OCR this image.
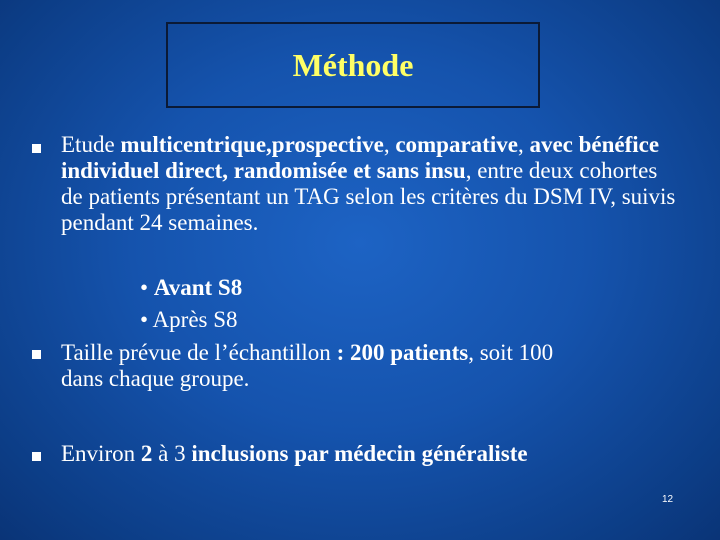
Méthode
Etude multicentrique,prospective, comparative, avec bénéfice individuel direct, randomisée et sans insu, entre deux cohortes de patients présentant un TAG selon les critères du DSM IV, suivis pendant 24 semaines.
• Avant S8
• Après S8
Taille prévue de l’échantillon : 200 patients, soit 100 dans chaque groupe.
Environ 2 à 3 inclusions par médecin généraliste
12
